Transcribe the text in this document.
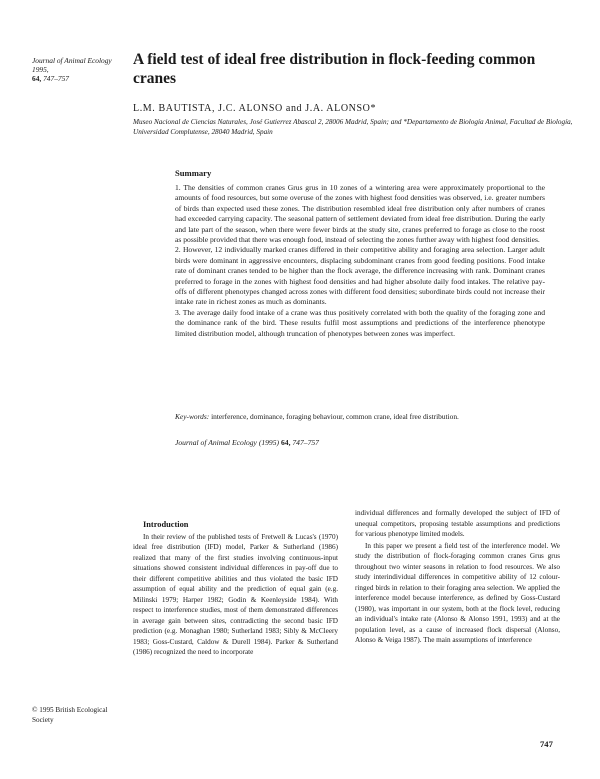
Journal of Animal Ecology 1995,
64, 747–757
A field test of ideal free distribution in flock-feeding common cranes
L.M. BAUTISTA, J.C. ALONSO and J.A. ALONSO*
Museo Nacional de Ciencias Naturales, José Gutierrez Abascal 2, 28006 Madrid, Spain; and *Departamento de Biología Animal, Facultad de Biología, Universidad Complutense, 28040 Madrid, Spain
Summary

1. The densities of common cranes Grus grus in 10 zones of a wintering area were approximately proportional to the amounts of food resources, but some overuse of the zones with highest food densities was observed, i.e. greater numbers of birds than expected used these zones. The distribution resembled ideal free distribution only after numbers of cranes had exceeded carrying capacity. The seasonal pattern of settlement deviated from ideal free distribution. During the early and late part of the season, when there were fewer birds at the study site, cranes preferred to forage as close to the roost as possible provided that there was enough food, instead of selecting the zones further away with highest food densities.

2. However, 12 individually marked cranes differed in their competitive ability and foraging area selection. Larger adult birds were dominant in aggressive encounters, displacing subdominant cranes from good feeding positions. Food intake rate of dominant cranes tended to be higher than the flock average, the difference increasing with rank. Dominant cranes preferred to forage in the zones with highest food densities and had higher absolute daily food intakes. The relative pay-offs of different phenotypes changed across zones with different food densities; subordinate birds could not increase their intake rate in richest zones as much as dominants.

3. The average daily food intake of a crane was thus positively correlated with both the quality of the foraging zone and the dominance rank of the bird. These results fulfil most assumptions and predictions of the interference phenotype limited distribution model, although truncation of phenotypes between zones was imperfect.

Key-words: interference, dominance, foraging behaviour, common crane, ideal free distribution.
Journal of Animal Ecology (1995) 64, 747–757
© 1995 British Ecological Society

Introduction

In their review of the published tests of Fretwell & Lucas's (1970) ideal free distribution (IFD) model, Parker & Sutherland (1986) realized that many of the first studies involving continuous-input situations showed consistent individual differences in pay-off due to their different competitive abilities and thus violated the basic IFD assumption of equal ability and the prediction of equal gain (e.g. Milinski 1979; Harper 1982; Godin & Keenleyside 1984). With respect to interference studies, most of them demonstrated differences in average gain between sites, contradicting the second basic IFD prediction (e.g. Monaghan 1980; Sutherland 1983; Sibly & McCleery 1983; Goss-Custard, Caldow & Durell 1984). Parker & Sutherland (1986) recognized the need to incorporate

individual differences and formally developed the subject of IFD of unequal competitors, proposing testable assumptions and predictions for various phenotype limited models.

In this paper we present a field test of the interference model. We study the distribution of flock-foraging common cranes Grus grus throughout two winter seasons in relation to food resources. We also study interindividual differences in competitive ability of 12 colour-ringed birds in relation to their foraging area selection. We applied the interference model because interference, as defined by Goss-Custard (1980), was important in our system, both at the flock level, reducing an individual's intake rate (Alonso & Alonso 1991, 1993) and at the population level, as a cause of increased flock dispersal (Alonso, Alonso & Veiga 1987). The main assumptions of interference

747
